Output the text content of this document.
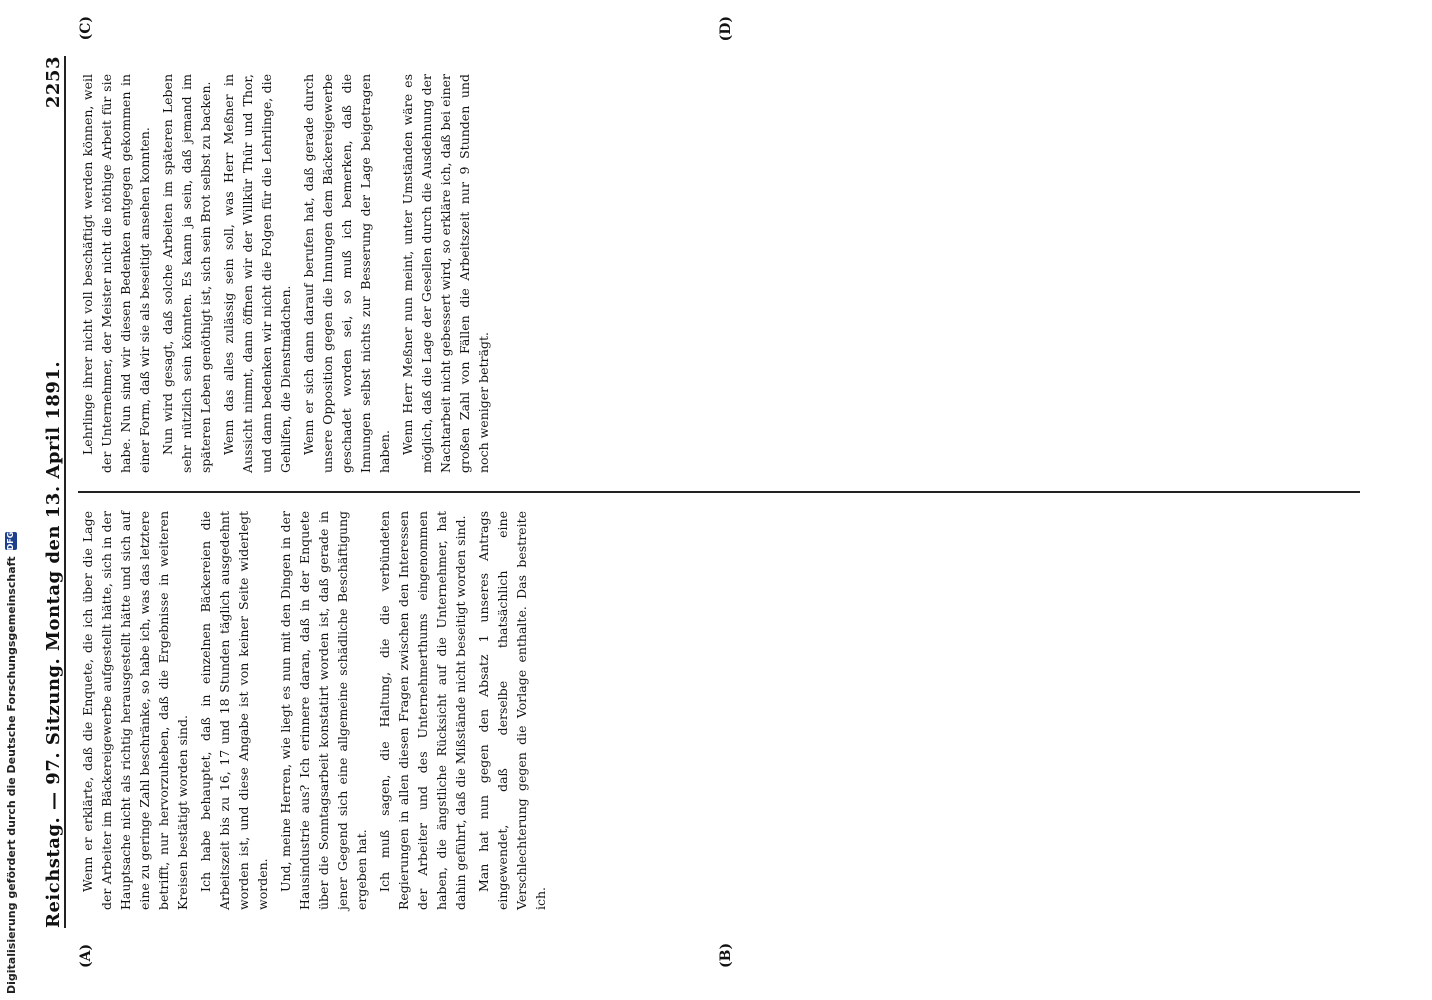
Reichstag. — 97. Sitzung. Montag den 13. April 1891.
2253
(A)	(B)
(C)	(D)

Wenn er erklärte, daß die Enquete, die ich über die Lage der Arbeiter im Bäckereigewerbe aufgestellt hätte, sich in der Hauptsache nicht als richtig herausgestellt hätte und sich auf eine zu geringe Zahl beschränke, so habe ich, was das letztere betrifft, nur hervorzuheben, daß die Ergebnisse in weiteren Kreisen bestätigt worden sind. Ich habe behauptet, daß in einzelnen Bäckereien die Arbeitszeit bis zu 16, 17 und 18 Stunden täglich ausgedehnt worden ist, und diese Angabe ist von keiner Seite widerlegt worden. Und, meine Herren, wie liegt es nun mit den Dingen in der Hausindustrie aus? Ich erinnere daran, daß in der Enquete über die Sonntagsarbeit konstatirt worden ist, daß gerade in jener Gegend sich eine allgemeine schädliche Beschäftigung ergeben hat. Ich muß sagen, die Haltung, die die verbündeten Regierungen in allen diesen Fragen zwischen den Interessen der Arbeiter und des Unternehmerthums eingenommen haben, die ängstliche Rücksicht auf die Unternehmer, hat dahin geführt, daß die Mißstände nicht beseitigt worden sind. Man hat nun gegen den Absatz 1 unseres Antrags eingewendet, daß derselbe thatsächlich eine Verschlechterung gegen die Vorlage enthalte. Das bestreite ich.

Lehrlinge ihrer nicht voll beschäftigt werden können, weil der Unternehmer, der Meister nicht die nöthige Arbeit für sie habe. Nun sind wir diesen Bedenken entgegen gekommen in einer Form, daß wir sie als beseitigt ansehen konnten. Nun wird gesagt, daß solche Arbeiten im späteren Leben sehr nützlich sein könnten. Es kann ja sein, daß jemand im späteren Leben genöthigt ist, sich sein Brot selbst zu backen. Wenn das alles zulässig sein soll, was Herr Meßner in Aussicht nimmt, dann öffnen wir der Willkür Thür und Thor, und dann bedenken wir nicht die Folgen für die Lehrlinge, die Gehilfen, die Dienstmädchen. Wenn er sich dann darauf berufen hat, daß gerade durch unsere Opposition gegen die Innungen dem Bäckereigewerbe geschadet worden sei, so muß ich bemerken, daß die Innungen selbst nichts zur Besserung der Lage beigetragen haben. Wenn Herr Meßner nun meint, unter Umständen wäre es möglich, daß die Lage der Gesellen durch die Ausdehnung der Nachtarbeit nicht gebessert wird, so erkläre ich, daß bei einer großen Zahl von Fällen die Arbeitszeit nur 9 Stunden und noch weniger beträgt.

Digitalisierung gefördert durch die Deutsche Forschungsgemeinschaft
DFG
